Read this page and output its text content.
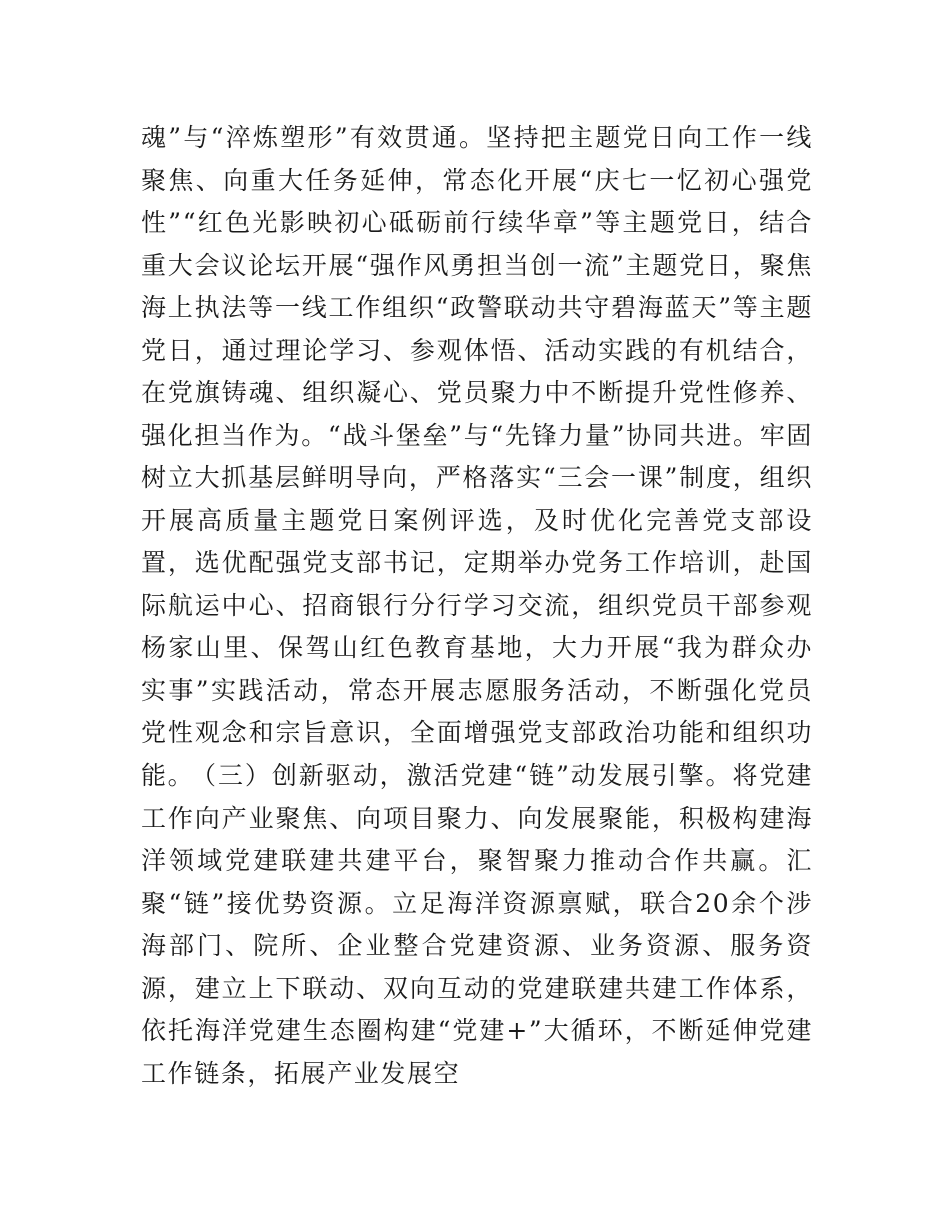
魂”与“淬炼塑形”有效贯通。坚持把主题党日向工作一线聚焦、向重大任务延伸，常态化开展“庆七一忆初心强党性”“红色光影映初心砥砺前行续华章”等主题党日，结合重大会议论坛开展“强作风勇担当创一流”主题党日，聚焦海上执法等一线工作组织“政警联动共守碧海蓝天”等主题党日，通过理论学习、参观体悟、活动实践的有机结合，在党旗铸魂、组织凝心、党员聚力中不断提升党性修养、强化担当作为。“战斗堡垒”与“先锋力量”协同共进。牢固树立大抓基层鲜明导向，严格落实“三会一课”制度，组织开展高质量主题党日案例评选，及时优化完善党支部设置，选优配强党支部书记，定期举办党务工作培训，赴国际航运中心、招商银行分行学习交流，组织党员干部参观杨家山里、保驾山红色教育基地，大力开展“我为群众办实事”实践活动，常态开展志愿服务活动，不断强化党员党性观念和宗旨意识，全面增强党支部政治功能和组织功能。

（三）创新驱动，激活党建“链”动发展引擎。将党建工作向产业聚焦、向项目聚力、向发展聚能，积极构建海洋领域党建联建共建平台，聚智聚力推动合作共赢。汇聚“链”接优势资源。立足海洋资源禀赋，联合20余个涉海部门、院所、企业整合党建资源、业务资源、服务资源，建立上下联动、双向互动的党建联建共建工作体系，依托海洋党建生态圈构建“党建+”大循环，不断延伸党建工作链条，拓展产业发展空
